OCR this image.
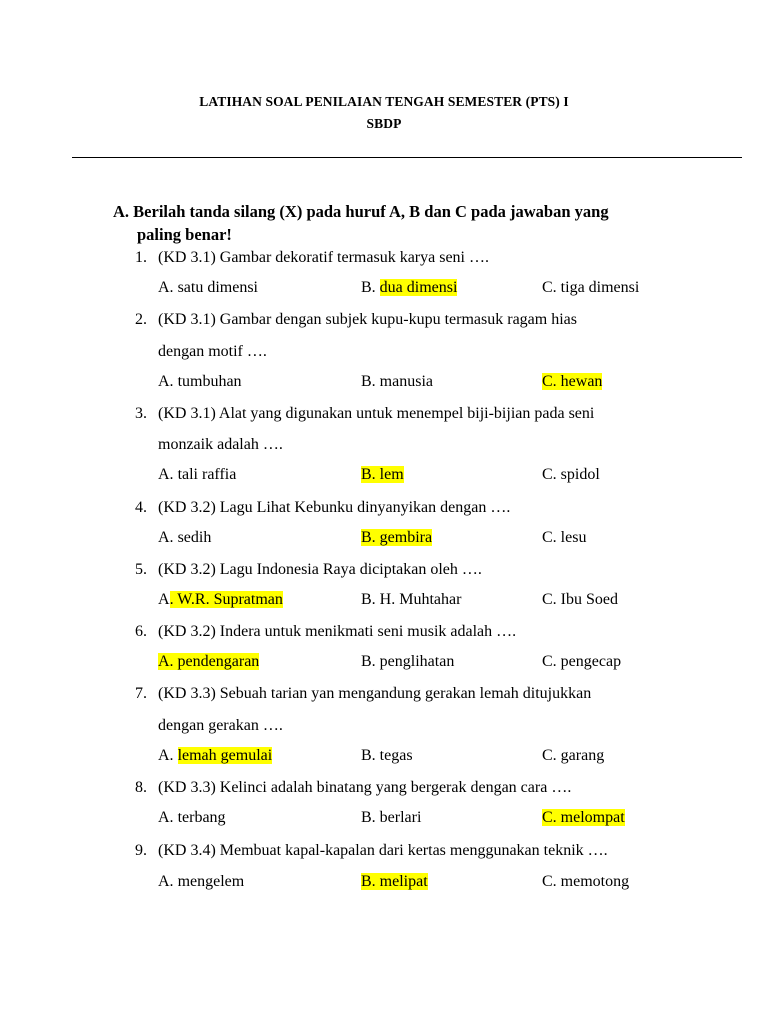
LATIHAN SOAL PENILAIAN TENGAH SEMESTER (PTS) I
SBDP
A. Berilah tanda silang (X) pada huruf A, B dan C pada jawaban yang
paling benar!
1. (KD 3.1) Gambar dekoratif termasuk karya seni ….
A. satu dimensi	B. dua dimensi	C. tiga dimensi
2. (KD 3.1) Gambar dengan subjek kupu-kupu termasuk ragam hias
dengan motif ….
A. tumbuhan	B. manusia	C. hewan
3. (KD 3.1) Alat yang digunakan untuk menempel biji-bijian pada seni
monzaik adalah ….
A. tali raffia	B. lem	C. spidol
4. (KD 3.2) Lagu Lihat Kebunku dinyanyikan dengan ….
A. sedih	B. gembira	C. lesu
5. (KD 3.2) Lagu Indonesia Raya diciptakan oleh ….
A. W.R. Supratman	B. H. Muhtahar	C. Ibu Soed
6. (KD 3.2) Indera untuk menikmati seni musik adalah ….
A. pendengaran	B. penglihatan	C. pengecap
7. (KD 3.3) Sebuah tarian yan mengandung gerakan lemah ditujukkan
dengan gerakan ….
A. lemah gemulai	B. tegas	C. garang
8. (KD 3.3) Kelinci adalah binatang yang bergerak dengan cara ….
A. terbang	B. berlari	C. melompat
9. (KD 3.4) Membuat kapal-kapalan dari kertas menggunakan teknik ….
A. mengelem	B. melipat	C. memotong
